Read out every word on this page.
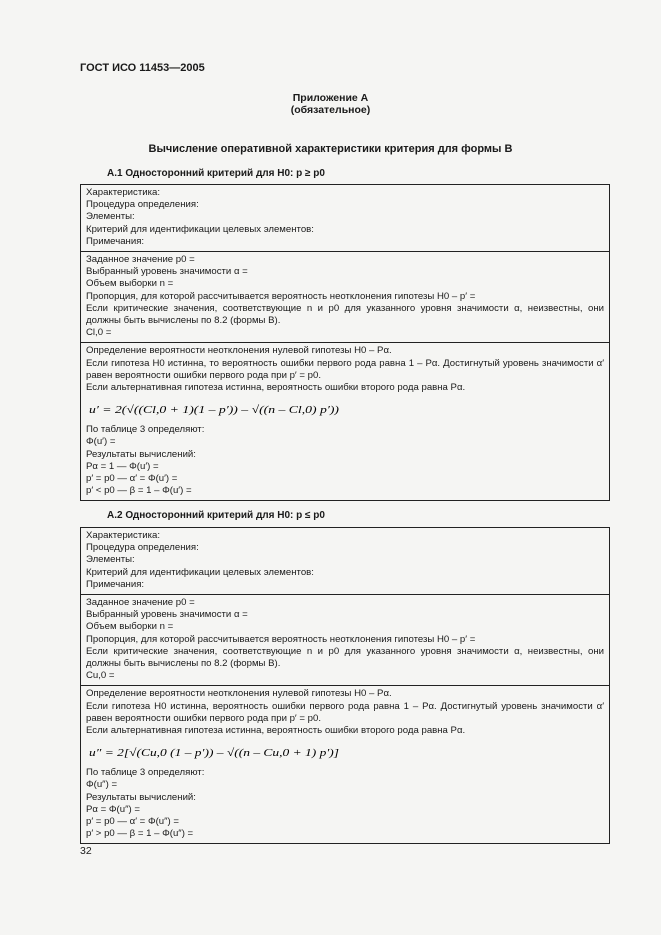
ГОСТ ИСО 11453—2005
Приложение А
(обязательное)
Вычисление оперативной характеристики критерия для формы В
А.1 Односторонний критерий для H0: p ≥ p0
Характеристика:
Процедура определения:
Элементы:
Критерий для идентификации целевых элементов:
Примечания:
Заданное значение p0 =
Выбранный уровень значимости α =
Объем выборки n =
Пропорция, для которой рассчитывается вероятность неотклонения гипотезы H0 – p′ =
Если критические значения, соответствующие n и p0 для указанного уровня значимости α, неизвестны, они должны быть вычислены по 8.2 (формы В).
Cl,0 =
Определение вероятности неотклонения нулевой гипотезы H0 – Pα.
Если гипотеза H0 истинна, то вероятность ошибки первого рода равна 1 – Pα. Достигнутый уровень значимости α′ равен вероятности ошибки первого рода при p′ = p0.
Если альтернативная гипотеза истинна, вероятность ошибки второго рода равна Pα.
u′ = 2(√((Cl,0 + 1)(1 – p′)) – √((n – Cl,0) p′))
По таблице 3 определяют:
Φ(u′) =
Результаты вычислений:
Pα = 1 — Φ(u′) =
p′ = p0 — α′ = Φ(u′) =
p′ < p0 — β = 1 – Φ(u′) =
А.2 Односторонний критерий для H0: p ≤ p0
Характеристика:
Процедура определения:
Элементы:
Критерий для идентификации целевых элементов:
Примечания:
Заданное значение p0 =
Выбранный уровень значимости α =
Объем выборки n =
Пропорция, для которой рассчитывается вероятность неотклонения гипотезы H0 – p′ =
Если критические значения, соответствующие n и p0 для указанного уровня значимости α, неизвестны, они должны быть вычислены по 8.2 (формы В).
Cu,0 =
Определение вероятности неотклонения нулевой гипотезы H0 – Pα.
Если гипотеза H0 истинна, вероятность ошибки первого рода равна 1 – Pα. Достигнутый уровень значимости α′ равен вероятности ошибки первого рода при p′ = p0.
Если альтернативная гипотеза истинна, вероятность ошибки второго рода равна Pα.
u″ = 2[√(Cu,0 (1 – p′)) – √((n – Cu,0 + 1) p′)]
По таблице 3 определяют:
Φ(u″) =
Результаты вычислений:
Pα = Φ(u″) =
p′ = p0 — α′ = Φ(u″) =
p′ > p0 — β = 1 – Φ(u″) =
32
